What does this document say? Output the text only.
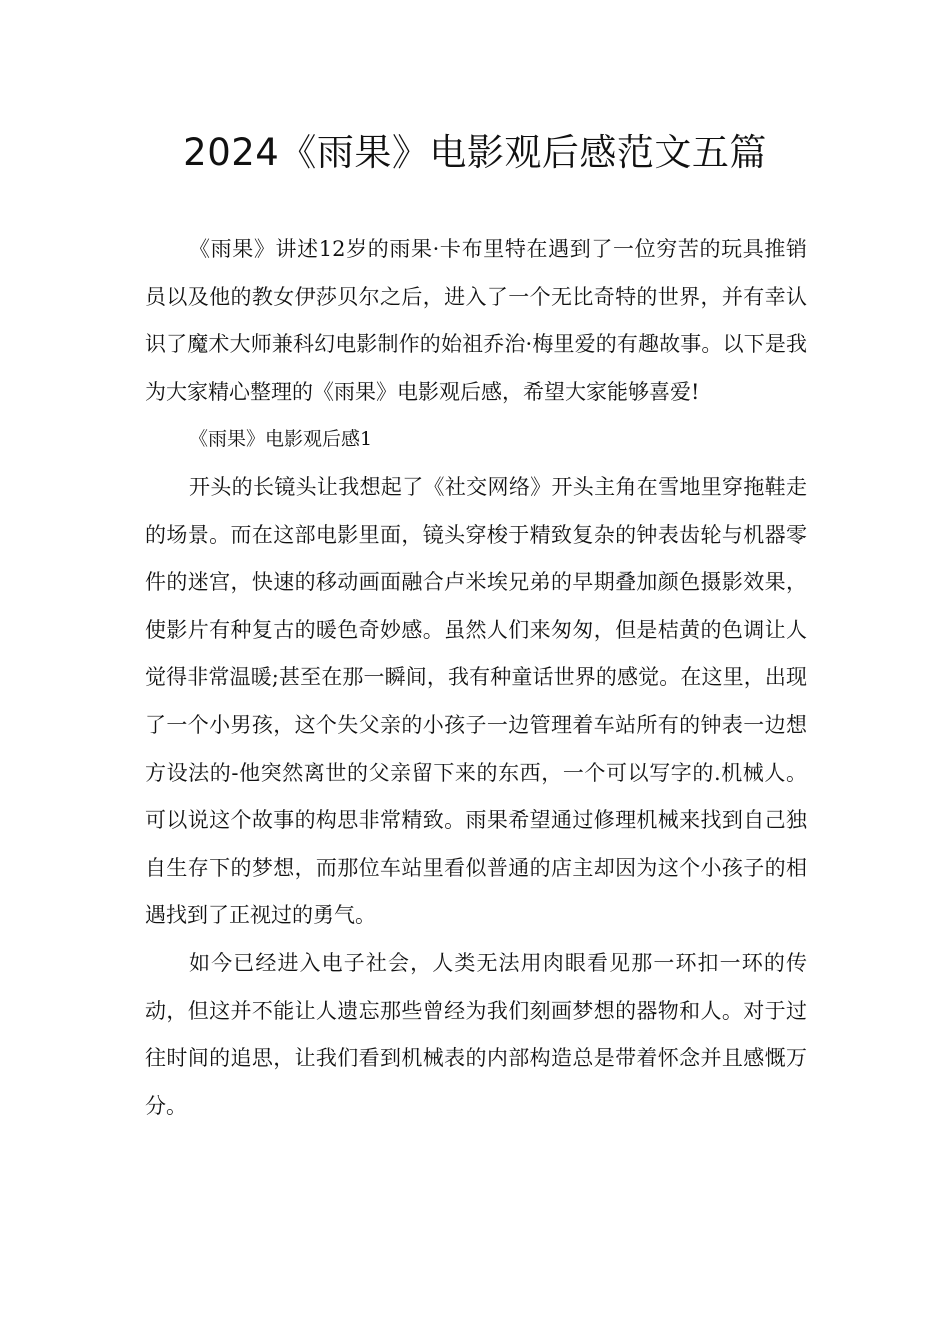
2024《雨果》电影观后感范文五篇

《雨果》讲述12岁的雨果·卡布里特在遇到了一位穷苦的玩具推销员以及他的教女伊莎贝尔之后，进入了一个无比奇特的世界，并有幸认识了魔术大师兼科幻电影制作的始祖乔治·梅里爱的有趣故事。以下是我为大家精心整理的《雨果》电影观后感，希望大家能够喜爱!

《雨果》电影观后感1

开头的长镜头让我想起了《社交网络》开头主角在雪地里穿拖鞋走的场景。而在这部电影里面，镜头穿梭于精致复杂的钟表齿轮与机器零件的迷宫，快速的移动画面融合卢米埃兄弟的早期叠加颜色摄影效果，使影片有种复古的暖色奇妙感。虽然人们来匆匆，但是桔黄的色调让人觉得非常温暖;甚至在那一瞬间，我有种童话世界的感觉。在这里，出现了一个小男孩，这个失父亲的小孩子一边管理着车站所有的钟表一边想方设法的-他突然离世的父亲留下来的东西，一个可以写字的.机械人。可以说这个故事的构思非常精致。雨果希望通过修理机械来找到自己独自生存下的梦想，而那位车站里看似普通的店主却因为这个小孩子的相遇找到了正视过的勇气。

如今已经进入电子社会，人类无法用肉眼看见那一环扣一环的传动，但这并不能让人遗忘那些曾经为我们刻画梦想的器物和人。对于过往时间的追思，让我们看到机械表的内部构造总是带着怀念并且感慨万分。
